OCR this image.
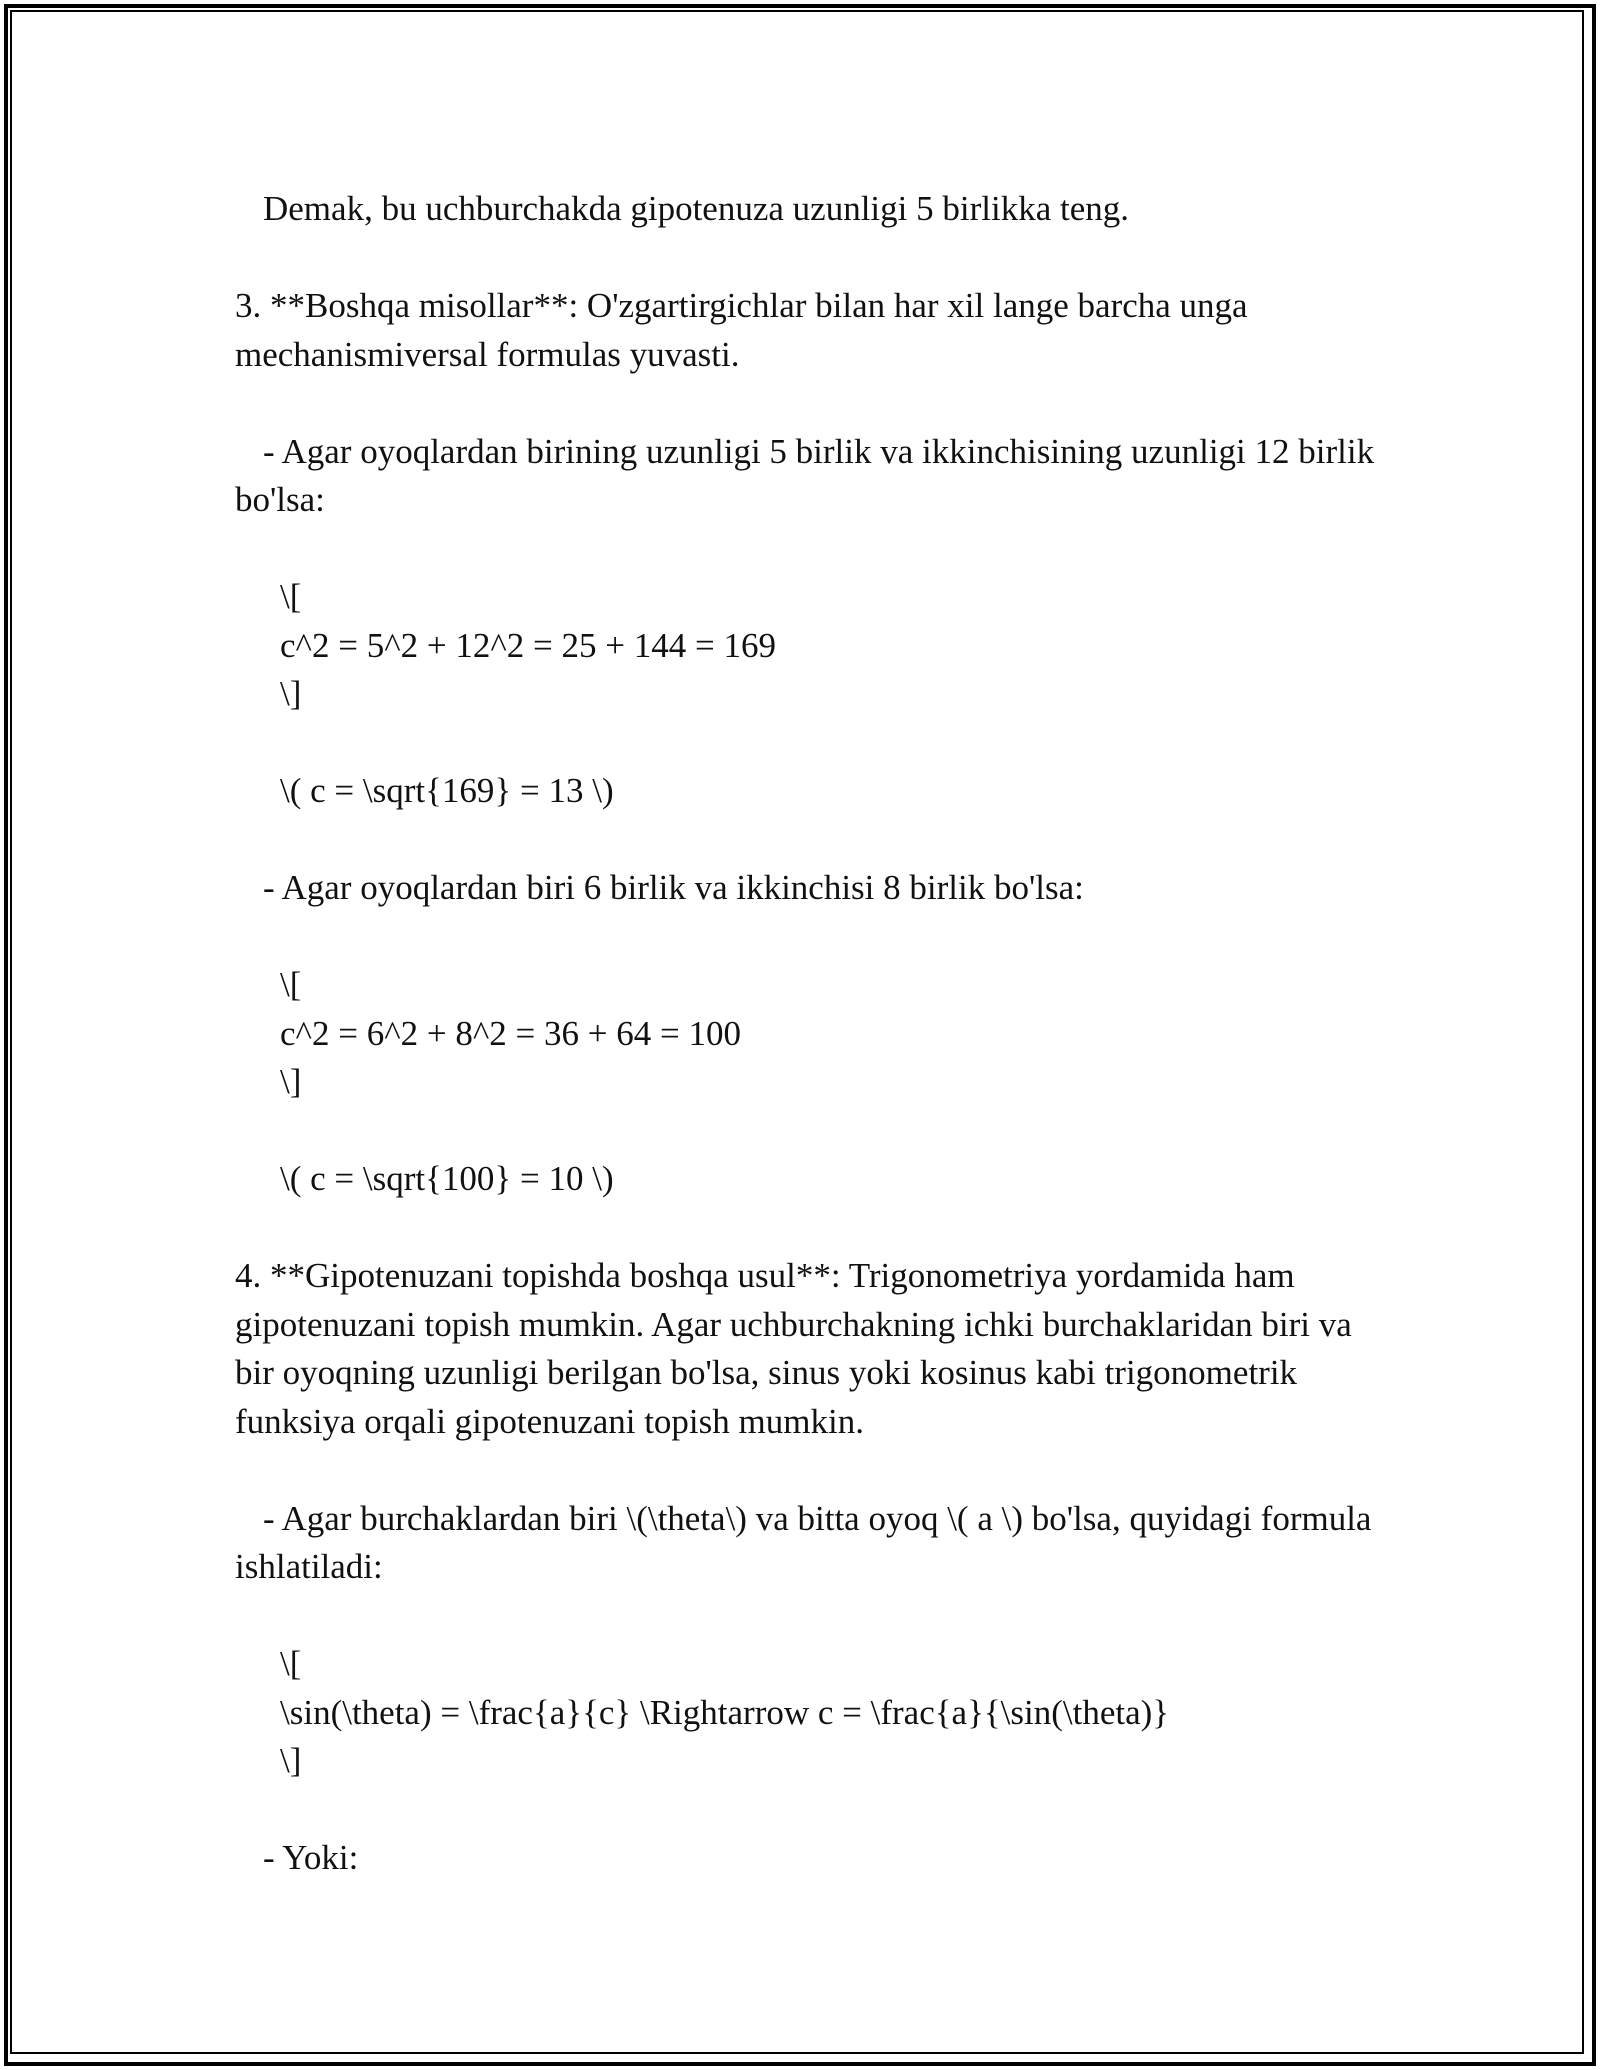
Demak, bu uchburchakda gipotenuza uzunligi 5 birlikka teng.
3. **Boshqa misollar**: O'zgartirgichlar bilan har xil lange barcha unga mechanismiversal formulas yuvasti.
- Agar oyoqlardan birining uzunligi 5 birlik va ikkinchisining uzunligi 12 birlik bo'lsa:
\[
c^2 = 5^2 + 12^2 = 25 + 144 = 169
\]
\( c = \sqrt{169} = 13 \)
- Agar oyoqlardan biri 6 birlik va ikkinchisi 8 birlik bo'lsa:
\[
c^2 = 6^2 + 8^2 = 36 + 64 = 100
\]
\( c = \sqrt{100} = 10 \)
4. **Gipotenuzani topishda boshqa usul**: Trigonometriya yordamida ham gipotenuzani topish mumkin. Agar uchburchakning ichki burchaklaridan biri va bir oyoqning uzunligi berilgan bo'lsa, sinus yoki kosinus kabi trigonometrik funksiya orqali gipotenuzani topish mumkin.
- Agar burchaklardan biri \(\theta\) va bitta oyoq \( a \) bo'lsa, quyidagi formula ishlatiladi:
\[
\sin(\theta) = \frac{a}{c} \Rightarrow c = \frac{a}{\sin(\theta)}
\]
- Yoki:
